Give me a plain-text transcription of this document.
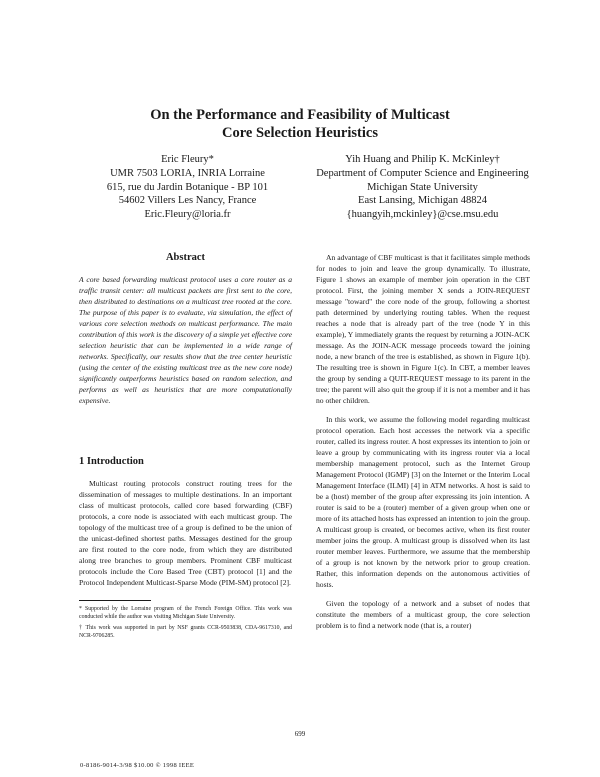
On the Performance and Feasibility of Multicast
Core Selection Heuristics
Eric Fleury*
UMR 7503 LORIA, INRIA Lorraine
615, rue du Jardin Botanique - BP 101
54602 Villers Les Nancy, France
Eric.Fleury@loria.fr
Yih Huang and Philip K. McKinley†
Department of Computer Science and Engineering
Michigan State University
East Lansing, Michigan 48824
{huangyih,mckinley}@cse.msu.edu
Abstract

A core based forwarding multicast protocol uses a core router as a traffic transit center: all multicast packets are first sent to the core, then distributed to destinations on a multicast tree rooted at the core. The purpose of this paper is to evaluate, via simulation, the effect of various core selection methods on multicast performance. The main contribution of this work is the discovery of a simple yet effective core selection heuristic that can be implemented in a wide range of networks. Specifically, our results show that the tree center heuristic (using the center of the existing multicast tree as the new core node) significantly outperforms heuristics based on random selection, and performs as well as heuristics that are more computationally expensive.

1 Introduction

Multicast routing protocols construct routing trees for the dissemination of messages to multiple destinations. In an important class of multicast protocols, called core based forwarding (CBF) protocols, a core node is associated with each multicast group. The topology of the multicast tree of a group is defined to be the union of the unicast-defined shortest paths. Messages destined for the group are first routed to the core node, from which they are distributed along tree branches to group members. Prominent CBF multicast protocols include the Core Based Tree (CBT) protocol [1] and the Protocol Independent Multicast-Sparse Mode (PIM-SM) protocol [2].

* Supported by the Lorraine program of the French Foreign Office. This work was conducted while the author was visiting Michigan State University.
† This work was supported in part by NSF grants CCR-9503838, CDA-9617310, and NCR-9706285.

An advantage of CBF multicast is that it facilitates simple methods for nodes to join and leave the group dynamically. To illustrate, Figure 1 shows an example of member join operation in the CBT protocol. First, the joining member X sends a JOIN-REQUEST message "toward" the core node of the group, following a shortest path determined by underlying routing tables. When the request reaches a node that is already part of the tree (node Y in this example), Y immediately grants the request by returning a JOIN-ACK message. As the JOIN-ACK message proceeds toward the joining node, a new branch of the tree is established, as shown in Figure 1(b). The resulting tree is shown in Figure 1(c). In CBT, a member leaves the group by sending a QUIT-REQUEST message to its parent in the tree; the parent will also quit the group if it is not a member and it has no other children.

In this work, we assume the following model regarding multicast protocol operation. Each host accesses the network via a specific router, called its ingress router. A host expresses its intention to join or leave a group by communicating with its ingress router via a local membership management protocol, such as the Internet Group Management Protocol (IGMP) [3] on the Internet or the Interim Local Management Interface (ILMI) [4] in ATM networks. A host is said to be a (host) member of the group after expressing its join intention. A router is said to be a (router) member of a given group when one or more of its attached hosts has expressed an intention to join the group. A multicast group is created, or becomes active, when its first router member joins the group. A multicast group is dissolved when its last router member leaves. Furthermore, we assume that the membership of a group is not known by the network prior to group creation. Rather, this information depends on the autonomous activities of hosts.

Given the topology of a network and a subset of nodes that constitute the members of a multicast group, the core selection problem is to find a network node (that is, a router)

699
0-8186-9014-3/98 $10.00 © 1998 IEEE
